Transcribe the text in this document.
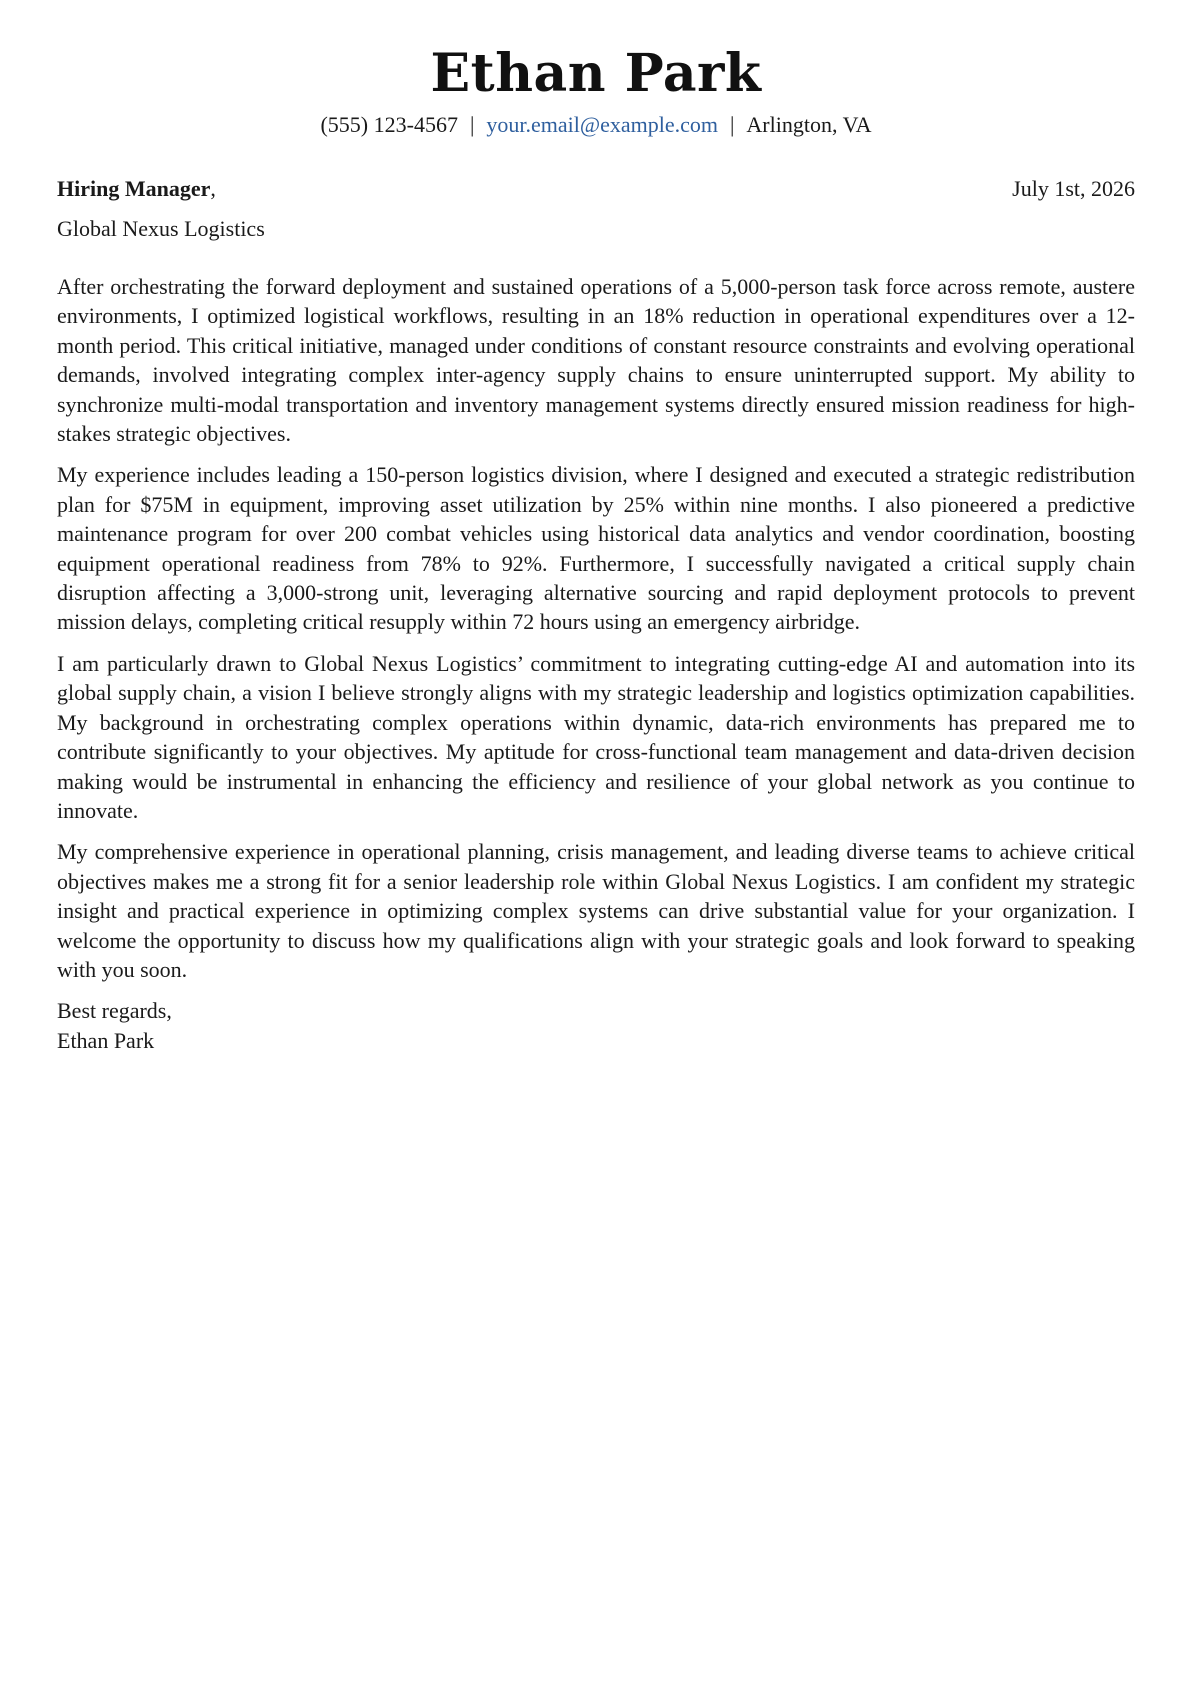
Ethan Park
(555) 123-4567 | your.email@example.com | Arlington, VA
Hiring Manager,	July 1st, 2026
Global Nexus Logistics

After orchestrating the forward deployment and sustained operations of a 5,000-person task force across remote, austere environments, I optimized logistical workflows, resulting in an 18% reduction in operational expenditures over a 12-month period. This critical initiative, managed under conditions of constant resource constraints and evolving operational demands, involved integrating complex inter-agency supply chains to ensure uninterrupted support. My ability to synchronize multi-modal transportation and inventory management systems directly ensured mission readiness for high-stakes strategic objectives.

My experience includes leading a 150-person logistics division, where I designed and executed a strategic redistribution plan for $75M in equipment, improving asset utilization by 25% within nine months. I also pioneered a predictive maintenance program for over 200 combat vehicles using historical data analytics and vendor coordination, boosting equipment operational readiness from 78% to 92%. Furthermore, I successfully navigated a critical supply chain disruption affecting a 3,000-strong unit, leveraging alternative sourcing and rapid deployment protocols to prevent mission delays, completing critical resupply within 72 hours using an emergency airbridge.

I am particularly drawn to Global Nexus Logistics’ commitment to integrating cutting-edge AI and automation into its global supply chain, a vision I believe strongly aligns with my strategic leadership and logistics optimization capabilities. My background in orchestrating complex operations within dynamic, data-rich environments has prepared me to contribute significantly to your objectives. My aptitude for cross-functional team management and data-driven decision making would be instrumental in enhancing the efficiency and resilience of your global network as you continue to innovate.

My comprehensive experience in operational planning, crisis management, and leading diverse teams to achieve critical objectives makes me a strong fit for a senior leadership role within Global Nexus Logistics. I am confident my strategic insight and practical experience in optimizing complex systems can drive substantial value for your organization. I welcome the opportunity to discuss how my qualifications align with your strategic goals and look forward to speaking with you soon.

Best regards,
Ethan Park
